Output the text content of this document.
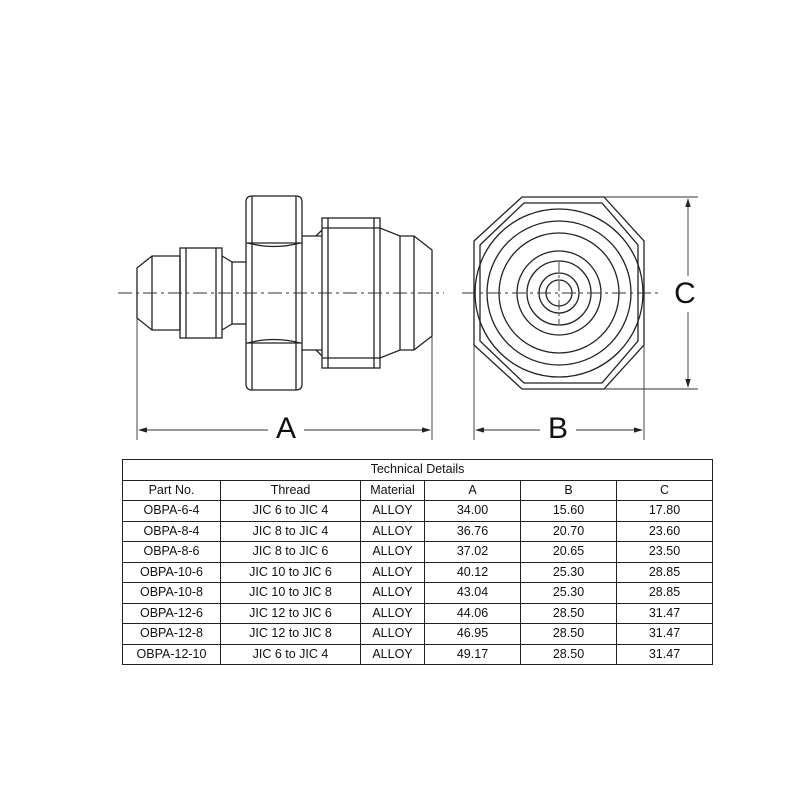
A	B
C
Technical Details					
Part No.	Thread	Material	A	B	C
OBPA-6-4	JIC 6 to JIC 4	ALLOY	34.00	15.60	17.80
OBPA-8-4	JIC 8 to JIC 4	ALLOY	36.76	20.70	23.60
OBPA-8-6	JIC 8 to JIC 6	ALLOY	37.02	20.65	23.50
OBPA-10-6	JIC 10 to JIC 6	ALLOY	40.12	25.30	28.85
OBPA-10-8	JIC 10 to JIC 8	ALLOY	43.04	25.30	28.85
OBPA-12-6	JIC 12 to JIC 6	ALLOY	44.06	28.50	31.47
OBPA-12-8	JIC 12 to JIC 8	ALLOY	46.95	28.50	31.47
OBPA-12-10	JIC 6 to JIC 4	ALLOY	49.17	28.50	31.47
